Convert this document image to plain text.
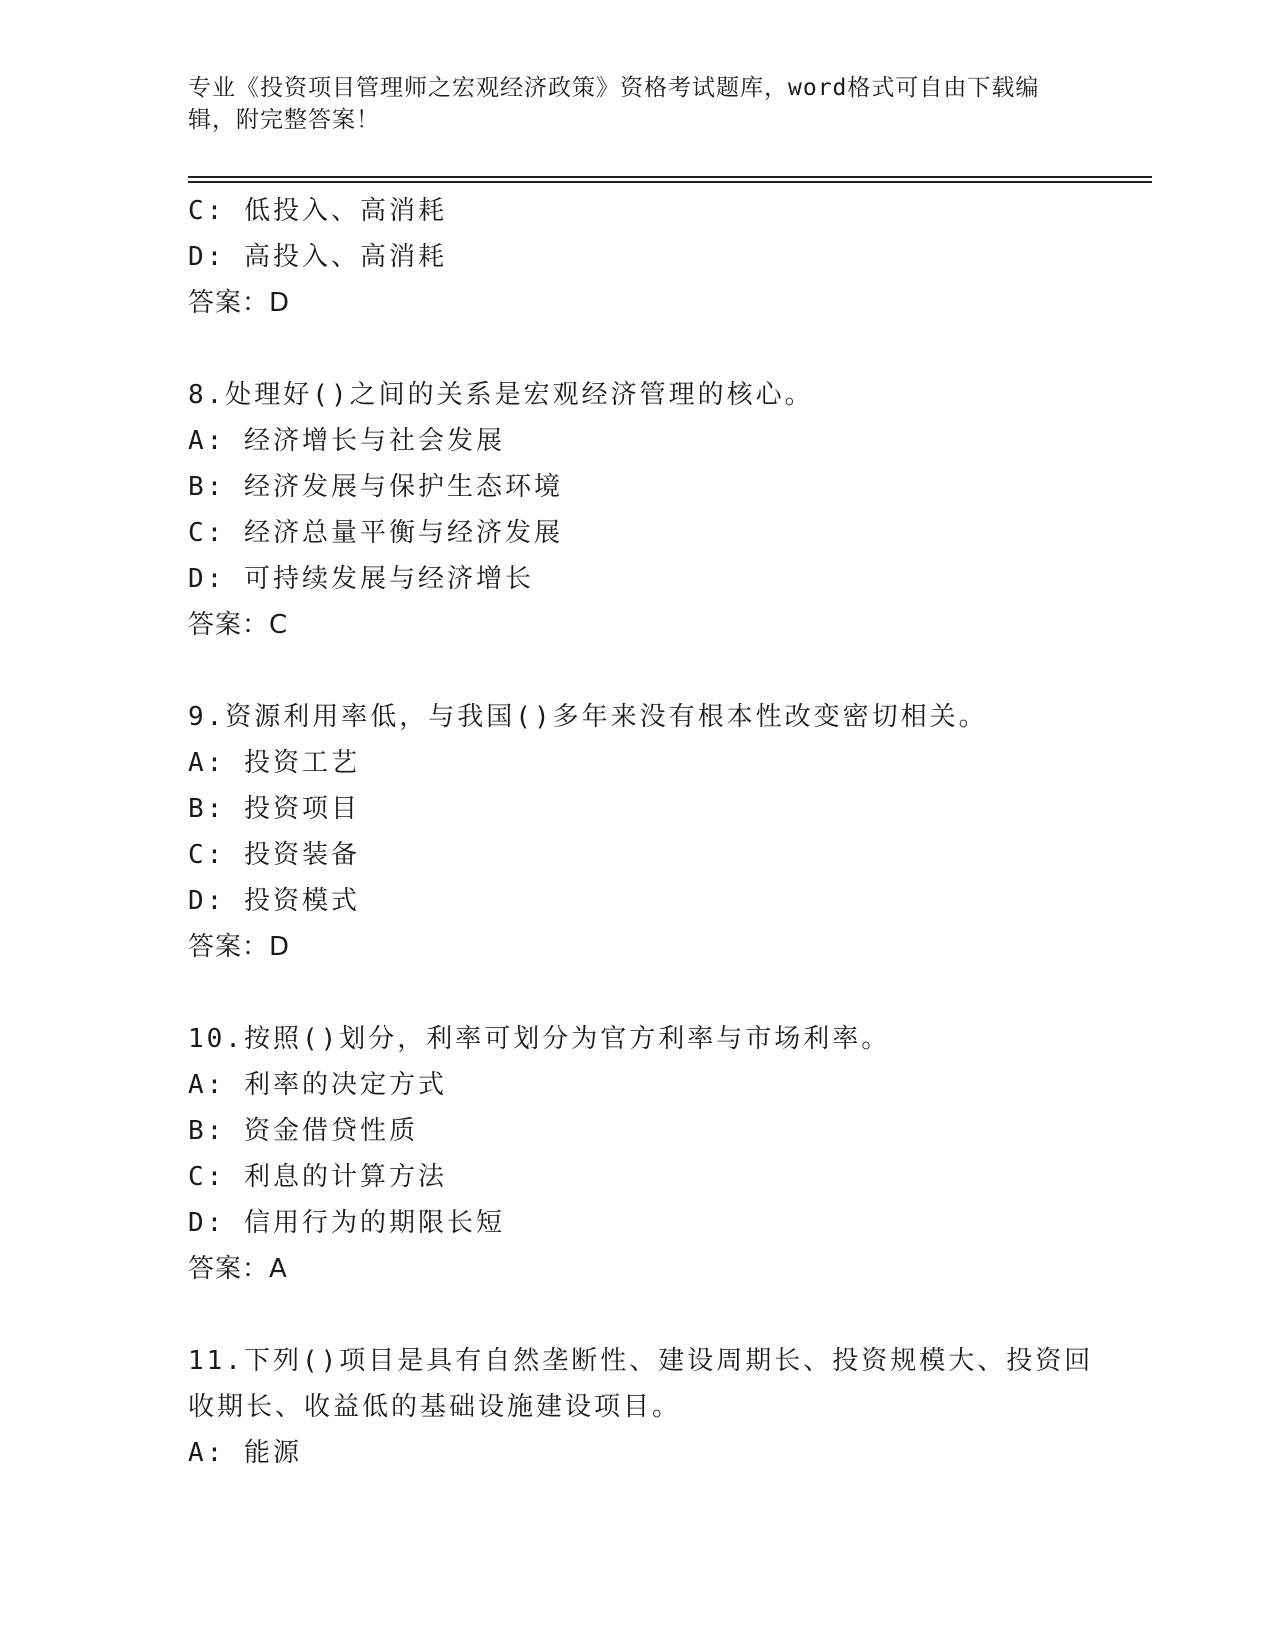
专业《投资项目管理师之宏观经济政策》资格考试题库，word格式可自由下载编
辑，附完整答案！
C: 低投入、高消耗
D: 高投入、高消耗
答案：D
8.处理好()之间的关系是宏观经济管理的核心。
A: 经济增长与社会发展
B: 经济发展与保护生态环境
C: 经济总量平衡与经济发展
D: 可持续发展与经济增长
答案：C
9.资源利用率低，与我国()多年来没有根本性改变密切相关。
A: 投资工艺
B: 投资项目
C: 投资装备
D: 投资模式
答案：D
10.按照()划分，利率可划分为官方利率与市场利率。
A: 利率的决定方式
B: 资金借贷性质
C: 利息的计算方法
D: 信用行为的期限长短
答案：A
11.下列()项目是具有自然垄断性、建设周期长、投资规模大、投资回
收期长、收益低的基础设施建设项目。
A: 能源
